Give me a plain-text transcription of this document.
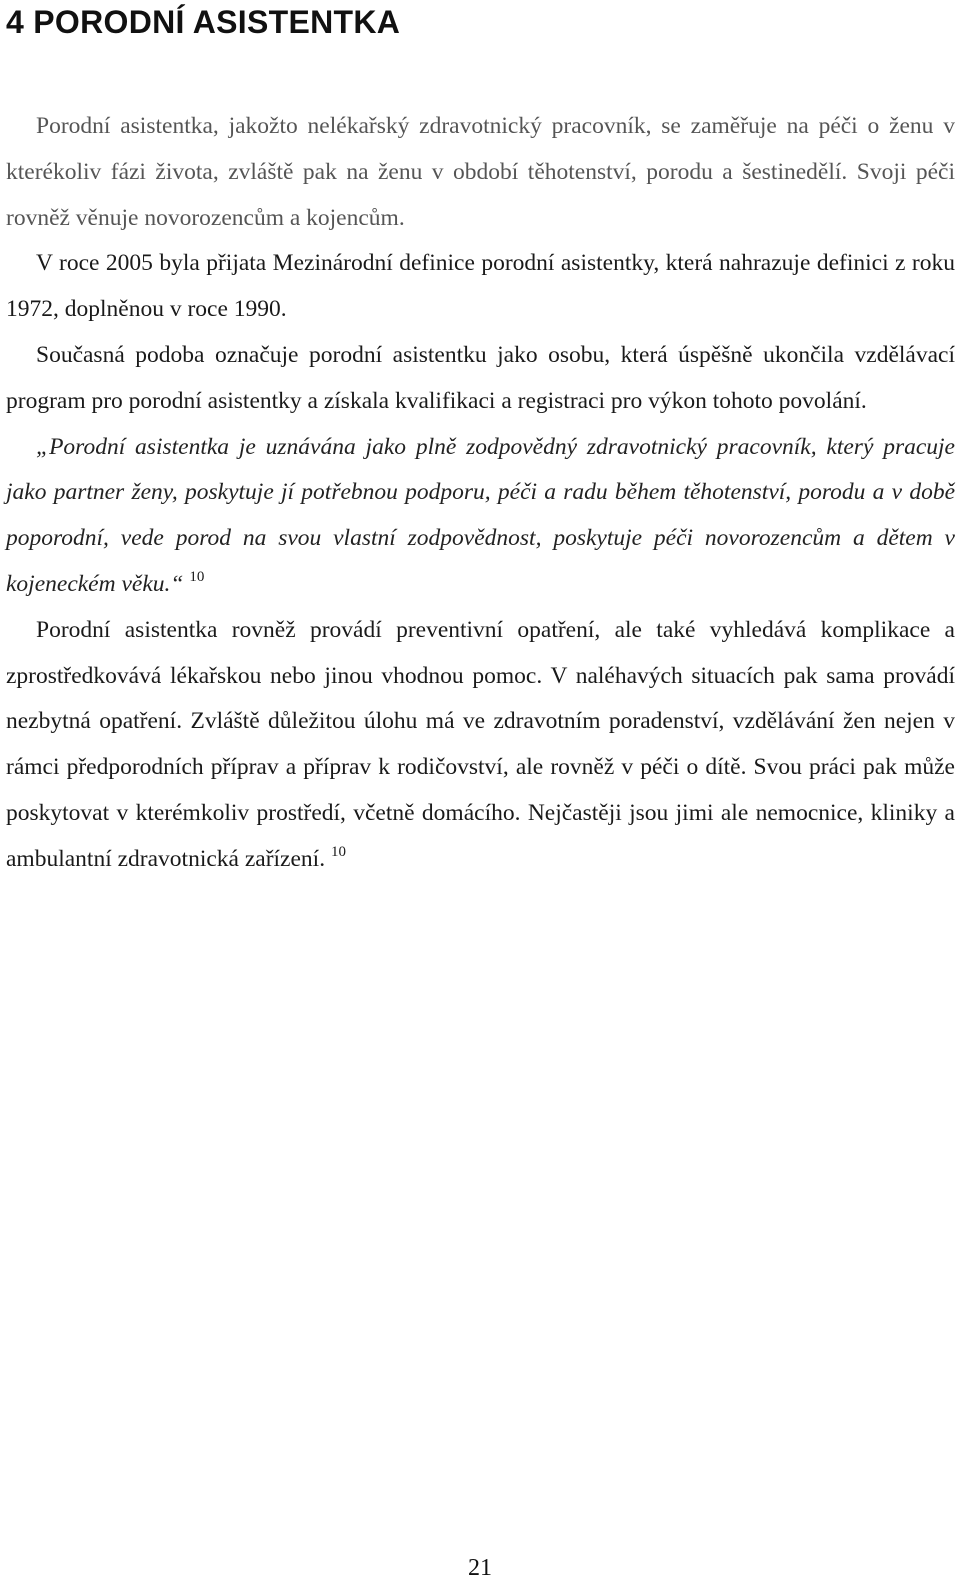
4 PORODNÍ ASISTENTKA

Porodní asistentka, jakožto nelékařský zdravotnický pracovník, se zaměřuje na péči o ženu v kterékoliv fázi života, zvláště pak na ženu v období těhotenství, porodu a šestinedělí. Svoji péči rovněž věnuje novorozencům a kojencům.

V roce 2005 byla přijata Mezinárodní definice porodní asistentky, která nahrazuje definici z roku 1972, doplněnou v roce 1990.

Současná podoba označuje porodní asistentku jako osobu, která úspěšně ukončila vzdělávací program pro porodní asistentky a získala kvalifikaci a registraci pro výkon tohoto povolání.

„Porodní asistentka je uznávána jako plně zodpovědný zdravotnický pracovník, který pracuje jako partner ženy, poskytuje jí potřebnou podporu, péči a radu během těhotenství, porodu a v době poporodní, vede porod na svou vlastní zodpovědnost, poskytuje péči novorozencům a dětem v kojeneckém věku.“ $^{10}$

Porodní asistentka rovněž provádí preventivní opatření, ale také vyhledává komplikace a zprostředkovává lékařskou nebo jinou vhodnou pomoc. V naléhavých situacích pak sama provádí nezbytná opatření. Zvláště důležitou úlohu má ve zdravotním poradenství, vzdělávání žen nejen v rámci předporodních příprav a příprav k rodičovství, ale rovněž v péči o dítě. Svou práci pak může poskytovat v kterémkoliv prostředí, včetně domácího. Nejčastěji jsou jimi ale nemocnice, kliniky a ambulantní zdravotnická zařízení. $^{10}$

21
